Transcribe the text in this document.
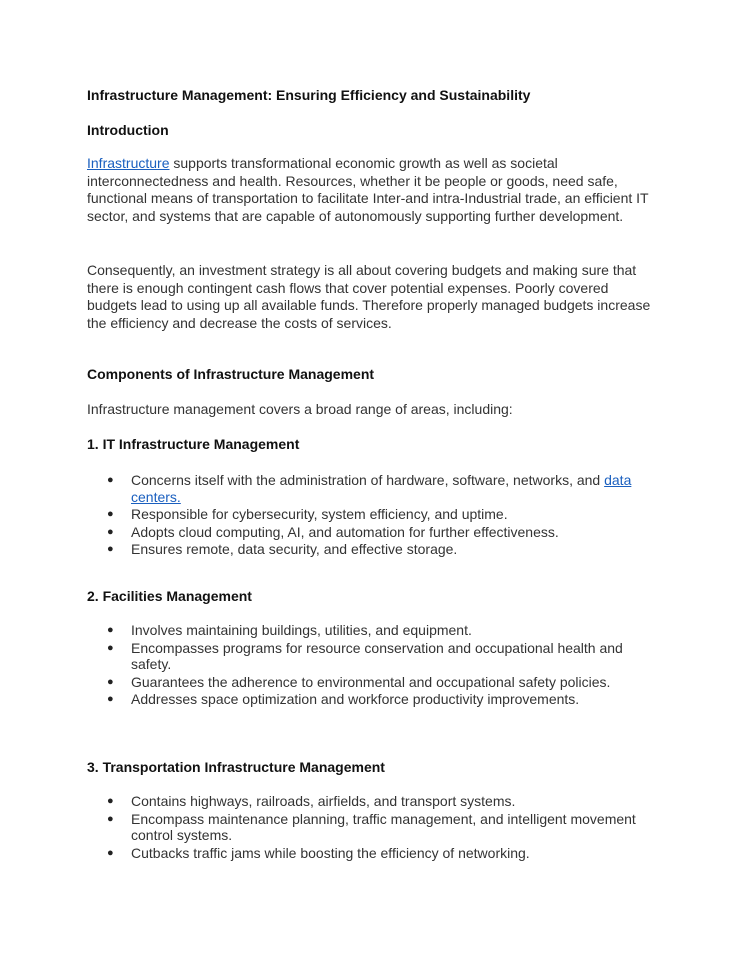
Infrastructure Management: Ensuring Efficiency and Sustainability

Introduction

Infrastructure supports transformational economic growth as well as societal interconnectedness and health. Resources, whether it be people or goods, need safe, functional means of transportation to facilitate Inter-and intra-Industrial trade, an efficient IT sector, and systems that are capable of autonomously supporting further development.

Consequently, an investment strategy is all about covering budgets and making sure that there is enough contingent cash flows that cover potential expenses. Poorly covered budgets lead to using up all available funds. Therefore properly managed budgets increase the efficiency and decrease the costs of services.

Components of Infrastructure Management

Infrastructure management covers a broad range of areas, including:

1. IT Infrastructure Management

● Concerns itself with the administration of hardware, software, networks, and data centers.
● Responsible for cybersecurity, system efficiency, and uptime.
● Adopts cloud computing, AI, and automation for further effectiveness.
● Ensures remote, data security, and effective storage.

2. Facilities Management

● Involves maintaining buildings, utilities, and equipment.
● Encompasses programs for resource conservation and occupational health and safety.
● Guarantees the adherence to environmental and occupational safety policies.
● Addresses space optimization and workforce productivity improvements.

3. Transportation Infrastructure Management

● Contains highways, railroads, airfields, and transport systems.
● Encompass maintenance planning, traffic management, and intelligent movement control systems.
● Cutbacks traffic jams while boosting the efficiency of networking.
